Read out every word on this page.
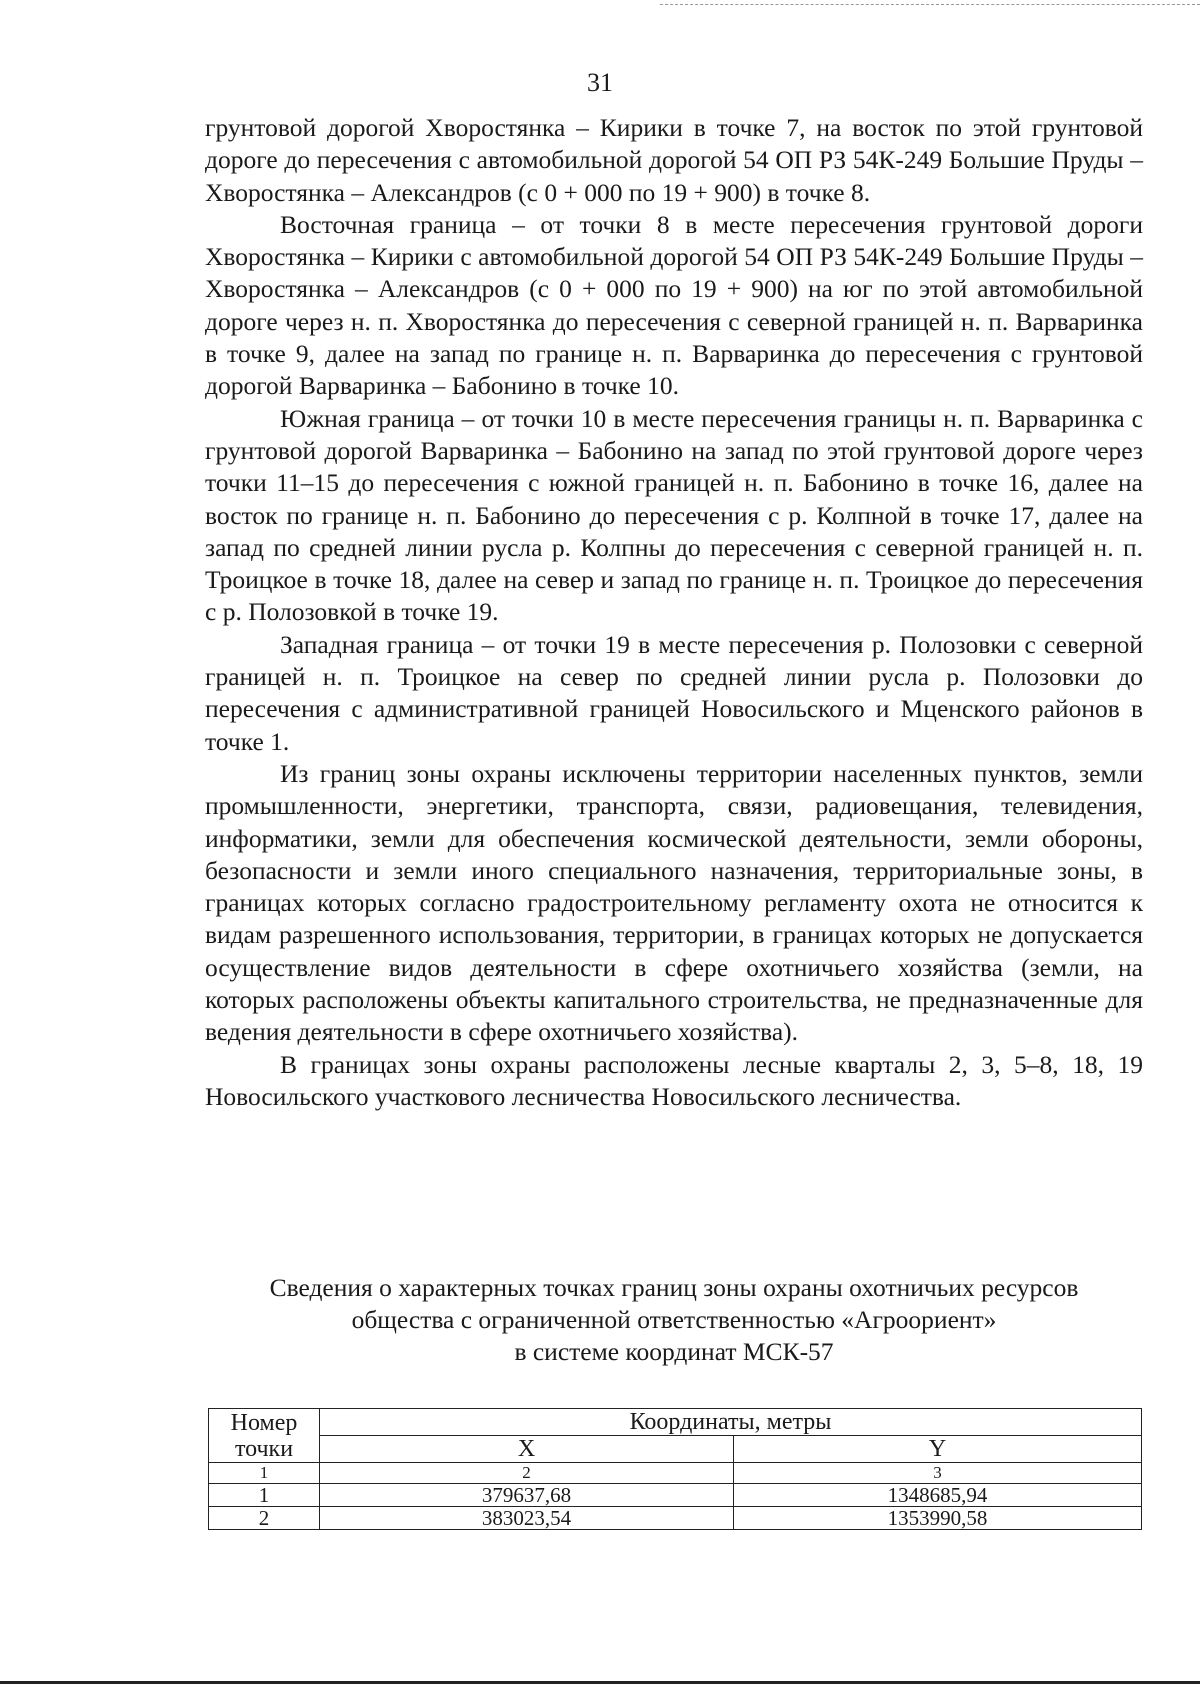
31

грунтовой дорогой Хворостянка – Кирики в точке 7, на восток по этой грунтовой дороге до пересечения с автомобильной дорогой 54 ОП РЗ 54К-249 Большие Пруды – Хворостянка – Александров (с 0 + 000 по 19 + 900) в точке 8.

Восточная граница – от точки 8 в месте пересечения грунтовой дороги Хворостянка – Кирики с автомобильной дорогой 54 ОП РЗ 54К-249 Большие Пруды – Хворостянка – Александров (с 0 + 000 по 19 + 900) на юг по этой автомобильной дороге через н. п. Хворостянка до пересечения с северной границей н. п. Варваринка в точке 9, далее на запад по границе н. п. Варваринка до пересечения с грунтовой дорогой Варваринка – Бабонино в точке 10.

Южная граница – от точки 10 в месте пересечения границы н. п. Варваринка с грунтовой дорогой Варваринка – Бабонино на запад по этой грунтовой дороге через точки 11–15 до пересечения с южной границей н. п. Бабонино в точке 16, далее на восток по границе н. п. Бабонино до пересечения с р. Колпной в точке 17, далее на запад по средней линии русла р. Колпны до пересечения с северной границей н. п. Троицкое в точке 18, далее на север и запад по границе н. п. Троицкое до пересечения с р. Полозовкой в точке 19.

Западная граница – от точки 19 в месте пересечения р. Полозовки с северной границей н. п. Троицкое на север по средней линии русла р. Полозовки до пересечения с административной границей Новосильского и Мценского районов в точке 1.

Из границ зоны охраны исключены территории населенных пунктов, земли промышленности, энергетики, транспорта, связи, радиовещания, телевидения, информатики, земли для обеспечения космической деятельности, земли обороны, безопасности и земли иного специального назначения, территориальные зоны, в границах которых согласно градостроительному регламенту охота не относится к видам разрешенного использования, территории, в границах которых не допускается осуществление видов деятельности в сфере охотничьего хозяйства (земли, на которых расположены объекты капитального строительства, не предназначенные для ведения деятельности в сфере охотничьего хозяйства).

В границах зоны охраны расположены лесные кварталы 2, 3, 5–8, 18, 19 Новосильского участкового лесничества Новосильского лесничества.

Сведения о характерных точках границ зоны охраны охотничьих ресурсов
общества с ограниченной ответственностью «Агроориент»
в системе координат МСК-57
Номер
точки	Координаты, метры	
	X	Y
1	2	3
1	379637,68	1348685,94
2	383023,54	1353990,58
